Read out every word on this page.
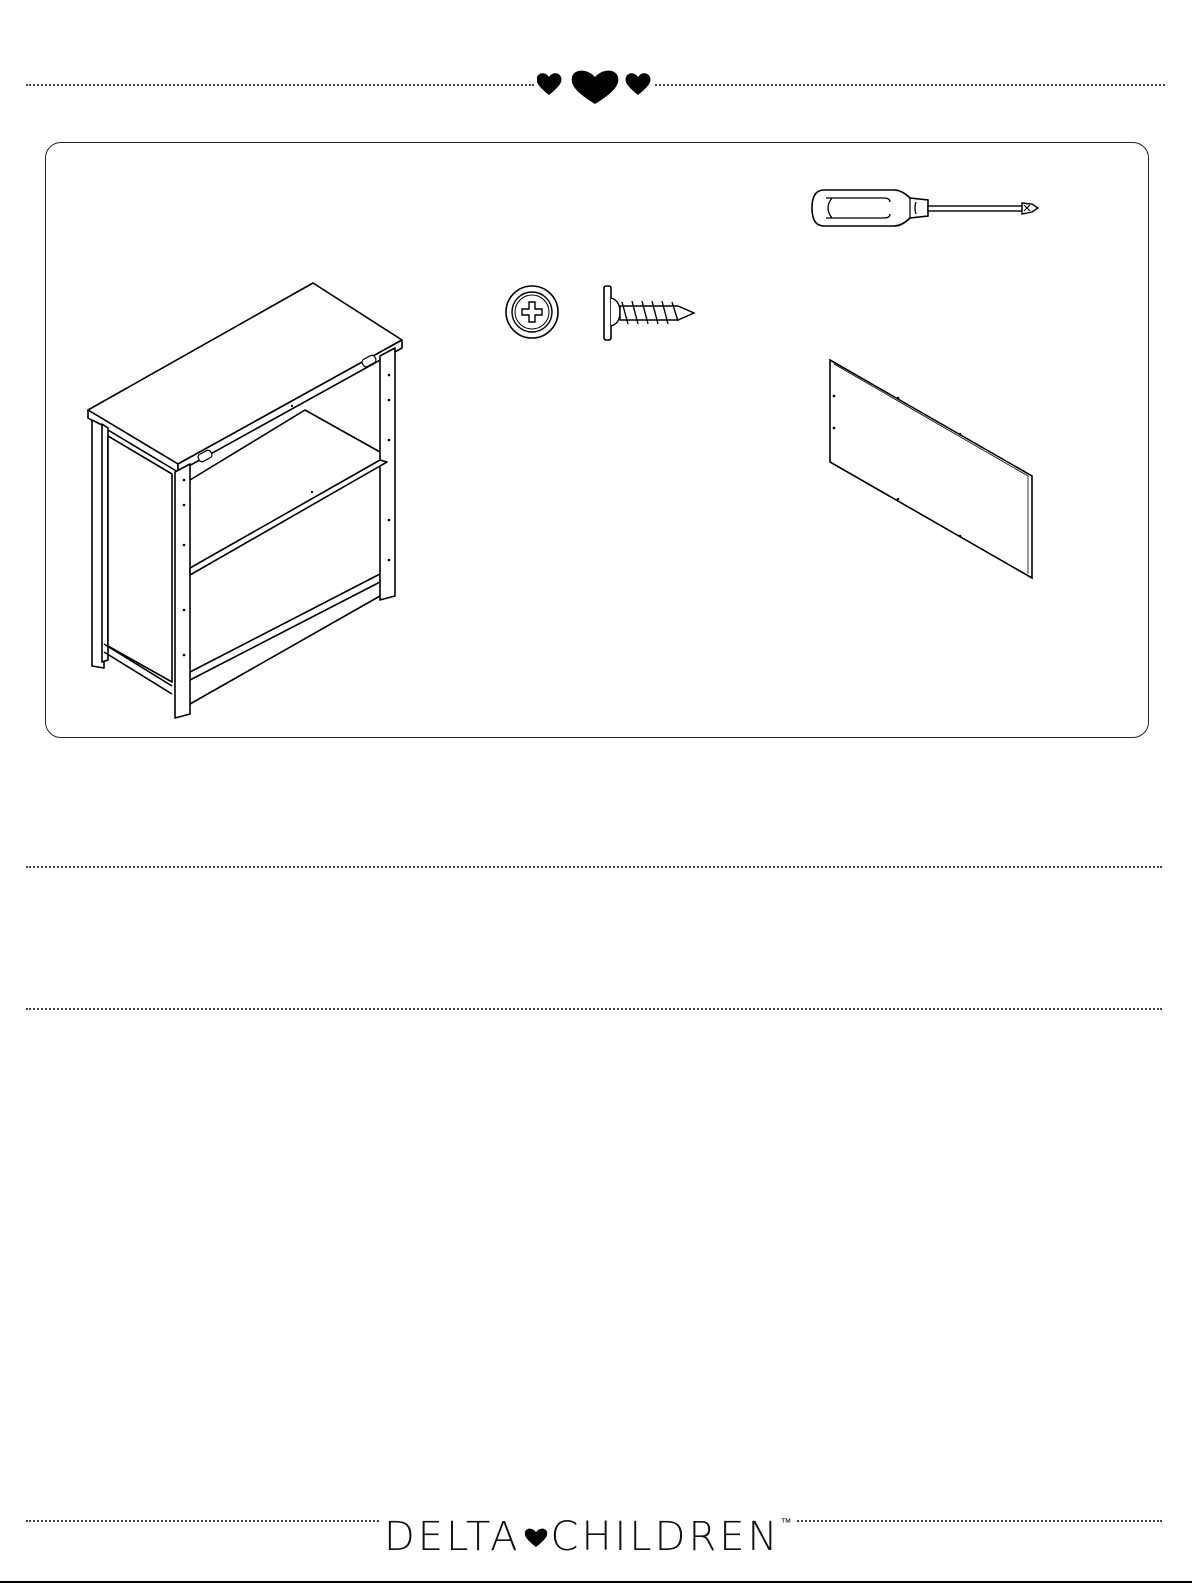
DELTA CHILDREN ™
